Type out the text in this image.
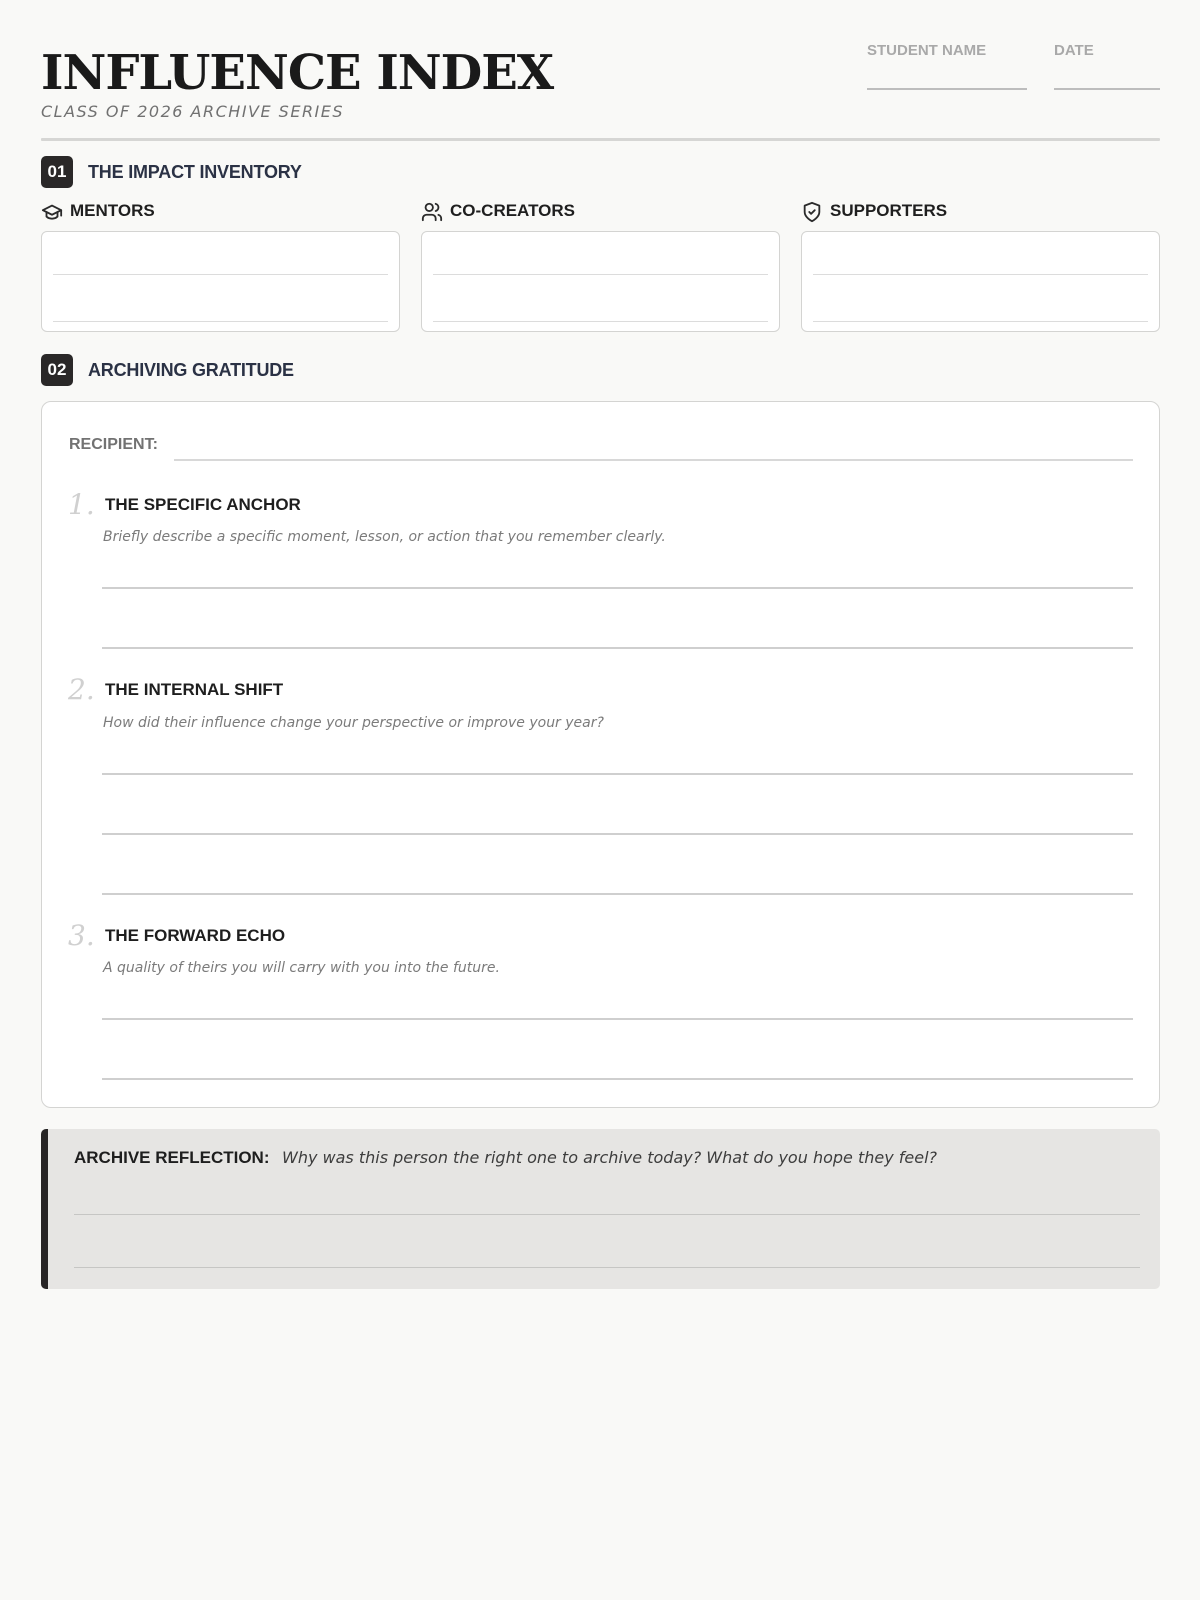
INFLUENCE INDEX
CLASS OF 2026 ARCHIVE SERIES
STUDENT NAME	DATE
01	THE IMPACT INVENTORY
MENTORS	CO-CREATORS	SUPPORTERS
02	ARCHIVING GRATITUDE
RECIPIENT:
1. THE SPECIFIC ANCHOR
Briefly describe a specific moment, lesson, or action that you remember clearly.
2. THE INTERNAL SHIFT
How did their influence change your perspective or improve your year?
3. THE FORWARD ECHO
A quality of theirs you will carry with you into the future.
ARCHIVE REFLECTION: Why was this person the right one to archive today? What do you hope they feel?
